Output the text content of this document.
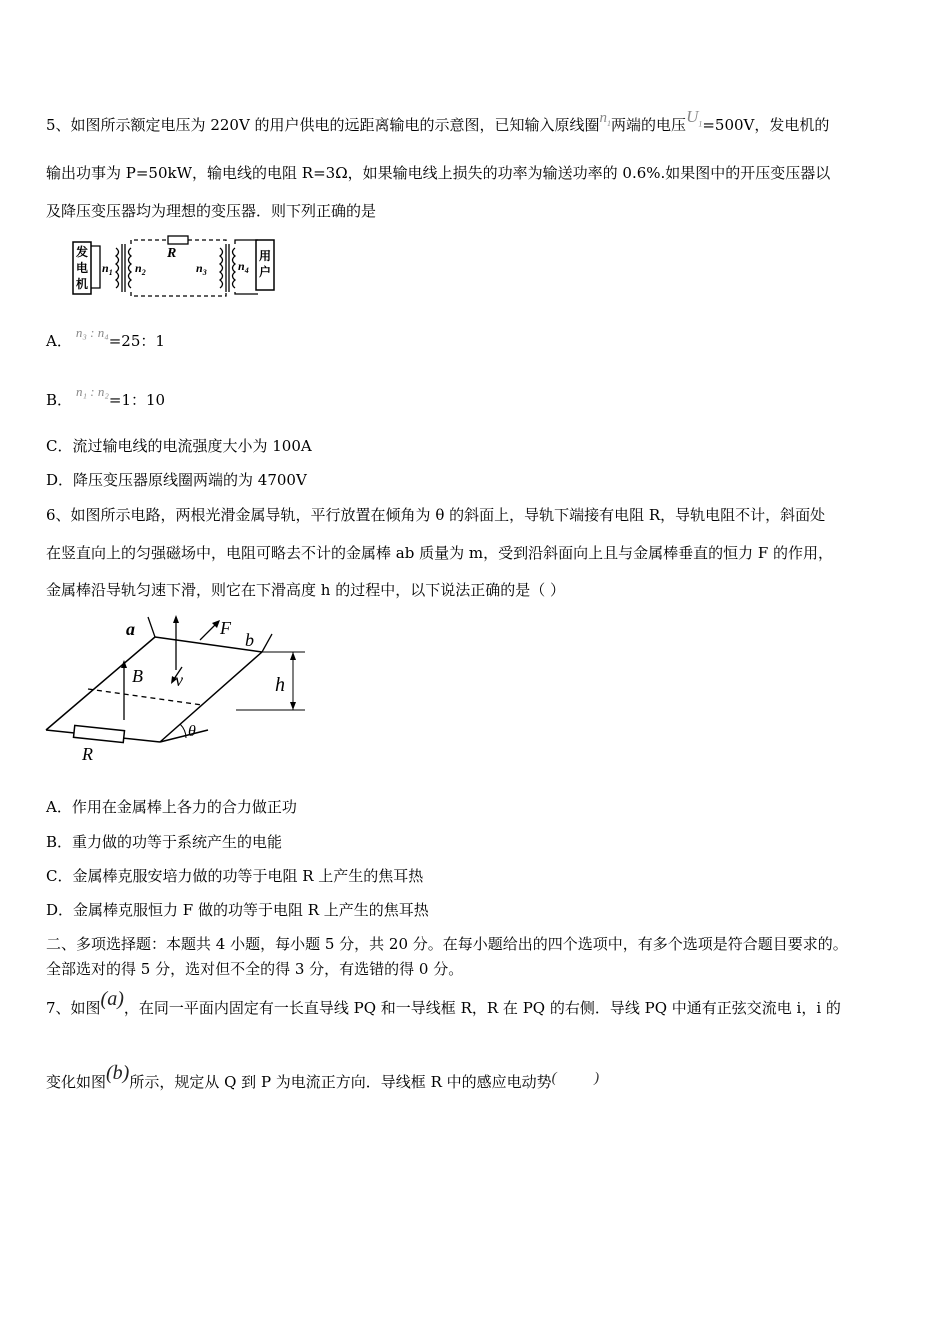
5、如图所示额定电压为 220V 的用户供电的远距离输电的示意图，已知输入原线圈$n_1$两端的电压$U_1=500V$，发电机的
输出功事为 P=50kW，输电线的电阻 R=3Ω，如果输电线上损失的功率为输送功率的 0.6%.如果图中的开压变压器以
及降压变压器均为理想的变压器．则下列正确的是
发
电
机
$n_1$ $n_2$
R
$n_3$	$n_4$
用
户
A． n₃ : n₄=25：1
B． n₁ : n₂=1：10
C．流过输电线的电流强度大小为 100A
D．降压变压器原线圈两端的为 4700V
6、如图所示电路，两根光滑金属导轨，平行放置在倾角为 θ 的斜面上，导轨下端接有电阻 R，导轨电阻不计，斜面处
在竖直向上的匀强磁场中，电阻可略去不计的金属棒 ab 质量为 m，受到沿斜面向上且与金属棒垂直的恒力 F 的作用，
金属棒沿导轨匀速下滑，则它在下滑高度 h 的过程中，以下说法正确的是（ ）
a
b
F
B v	h
θ
R
A．作用在金属棒上各力的合力做正功
B．重力做的功等于系统产生的电能
C．金属棒克服安培力做的功等于电阻 R 上产生的焦耳热
D．金属棒克服恒力 F 做的功等于电阻 R 上产生的焦耳热
二、多项选择题：本题共 4 小题，每小题 5 分，共 20 分。在每小题给出的四个选项中，有多个选项是符合题目要求的。
全部选对的得 5 分，选对但不全的得 3 分，有选错的得 0 分。
7、如图(a)，在同一平面内固定有一长直导线 PQ 和一导线框 R，R 在 PQ 的右侧．导线 PQ 中通有正弦交流电 i，i 的
变化如图(b)所示，规定从 Q 到 P 为电流正方向．导线框 R 中的感应电动势(          )
